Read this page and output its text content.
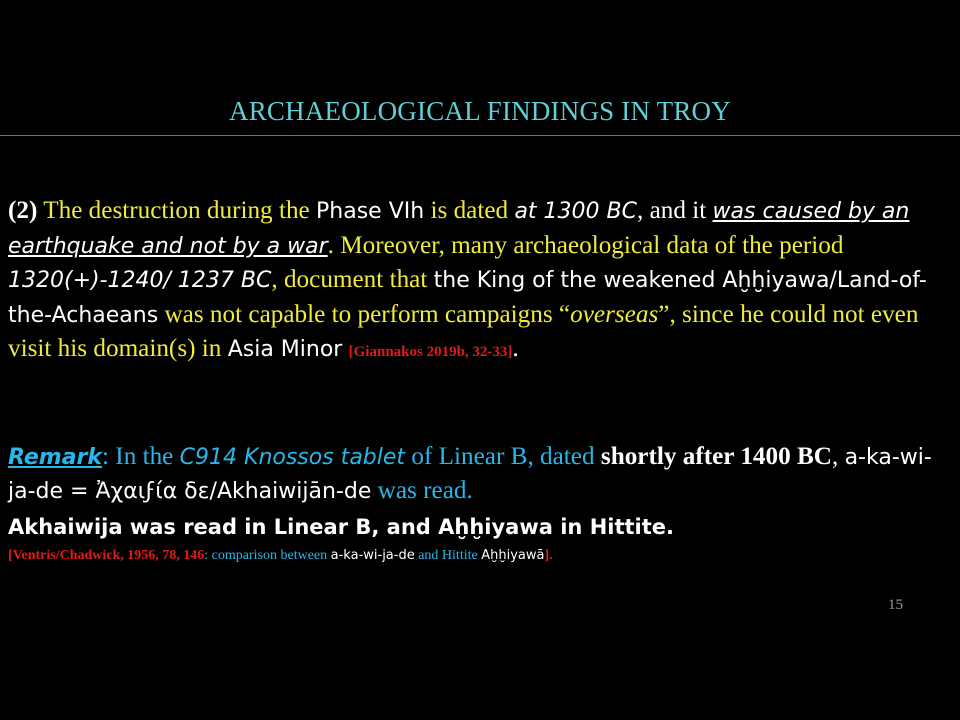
ARCHAEOLOGICAL FINDINGS IN TROY
(2) The destruction during the Phase VIh is dated at 1300 BC, and it was caused by an earthquake and not by a war. Moreover, many archaeological data of the period 1320(+)-1240/ 1237 BC, document that the King of the weakened Aḫḫiyawa/Land-of-the-Achaeans was not capable to perform campaigns “overseas”, since he could not even visit his domain(s) in Asia Minor [Giannakos 2019b, 32-33].
Remark: In the C914 Knossos tablet of Linear B, dated shortly after 1400 BC, a-ka-wi-ja-de = Ἀχαιϝία δε/Akhaiwijān-de was read.
Akhaiwija was read in Linear B, and Aḫḫiyawa in Hittite.
[Ventris/Chadwick, 1956, 78, 146: comparison between a-ka-wi-ja-de and Hittite Aḫḫiyawā].
15
